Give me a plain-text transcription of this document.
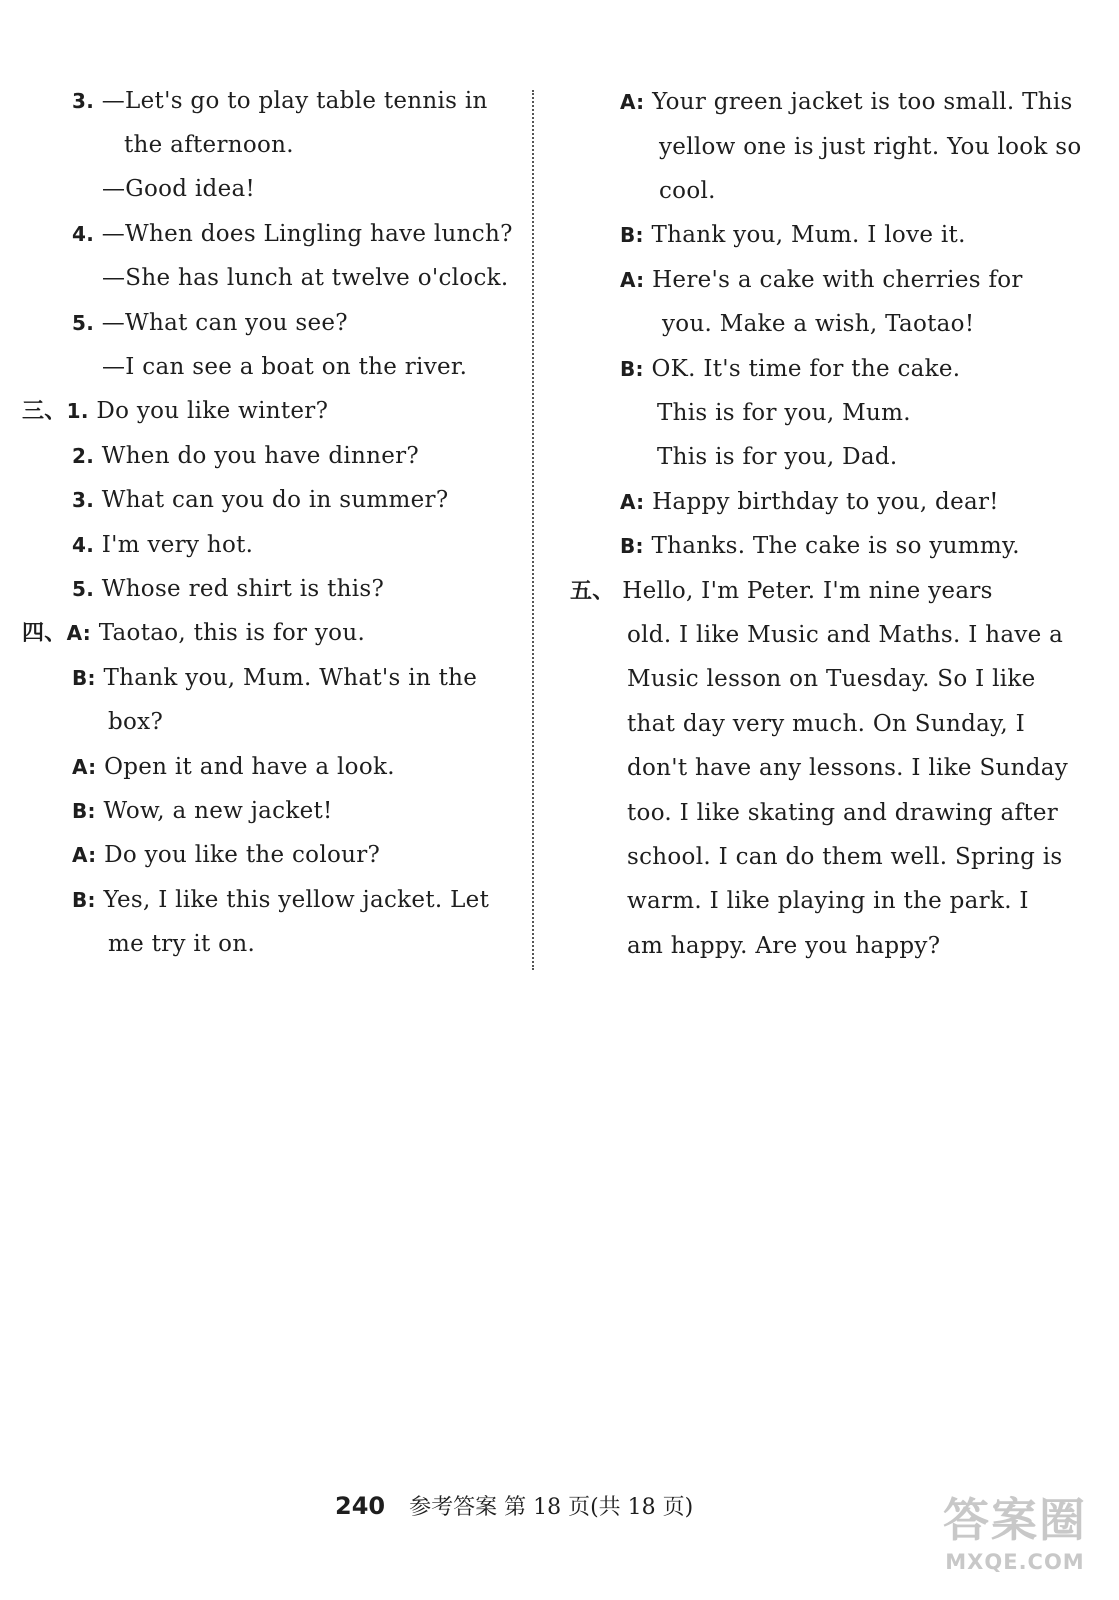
3. —Let's go to play table tennis in
the afternoon.
—Good idea!
4. —When does Lingling have lunch?
—She has lunch at twelve o'clock.
5. —What can you see?
—I can see a boat on the river.
三、1. Do you like winter?
2. When do you have dinner?
3. What can you do in summer?
4. I'm very hot.
5. Whose red shirt is this?
四、A: Taotao, this is for you.
B: Thank you, Mum. What's in the
box?
A: Open it and have a look.
B: Wow, a new jacket!
A: Do you like the colour?
B: Yes, I like this yellow jacket. Let
me try it on.
A: Your green jacket is too small. This
yellow one is just right. You look so
cool.
B: Thank you, Mum. I love it.
A: Here's a cake with cherries for
you. Make a wish, Taotao!
B: OK. It's time for the cake.
This is for you, Mum.
This is for you, Dad.
A: Happy birthday to you, dear!
B: Thanks. The cake is so yummy.
五、 Hello, I'm Peter. I'm nine years
old. I like Music and Maths. I have a
Music lesson on Tuesday. So I like
that day very much. On Sunday, I
don't have any lessons. I like Sunday
too. I like skating and drawing after
school. I can do them well. Spring is
warm. I like playing in the park. I
am happy. Are you happy?
240 参考答案 第 18 页(共 18 页)	答案圈
MXQE.COM
